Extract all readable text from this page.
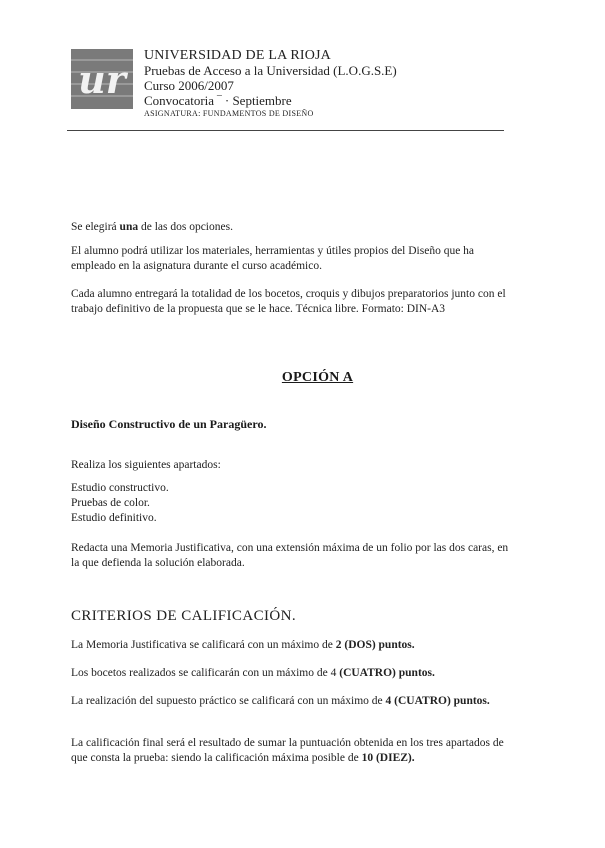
ur
UNIVERSIDAD DE LA RIOJA
Pruebas de Acceso a la Universidad (L.O.G.S.E)
Curso 2006/2007
Convocatoria ‾ · Septiembre
ASIGNATURA: FUNDAMENTOS DE DISEÑO
Se elegirá una de las dos opciones.
El alumno podrá utilizar los materiales, herramientas y útiles propios del Diseño que ha empleado en la asignatura durante el curso académico.
Cada alumno entregará la totalidad de los bocetos, croquis y dibujos preparatorios junto con el trabajo definitivo de la propuesta que se le hace. Técnica libre. Formato: DIN-A3
OPCIÓN A
Diseño Constructivo de un Paragüero.
Realiza los siguientes apartados:
Estudio constructivo.
Pruebas de color.
Estudio definitivo.
Redacta una Memoria Justificativa, con una extensión máxima de un folio por las dos caras, en la que defienda la solución elaborada.
CRITERIOS DE CALIFICACIÓN.
La Memoria Justificativa se calificará con un máximo de 2 (DOS) puntos.
Los bocetos realizados se calificarán con un máximo de 4 (CUATRO) puntos.
La realización del supuesto práctico se calificará con un máximo de 4 (CUATRO) puntos.
La calificación final será el resultado de sumar la puntuación obtenida en los tres apartados de que consta la prueba: siendo la calificación máxima posible de 10 (DIEZ).
